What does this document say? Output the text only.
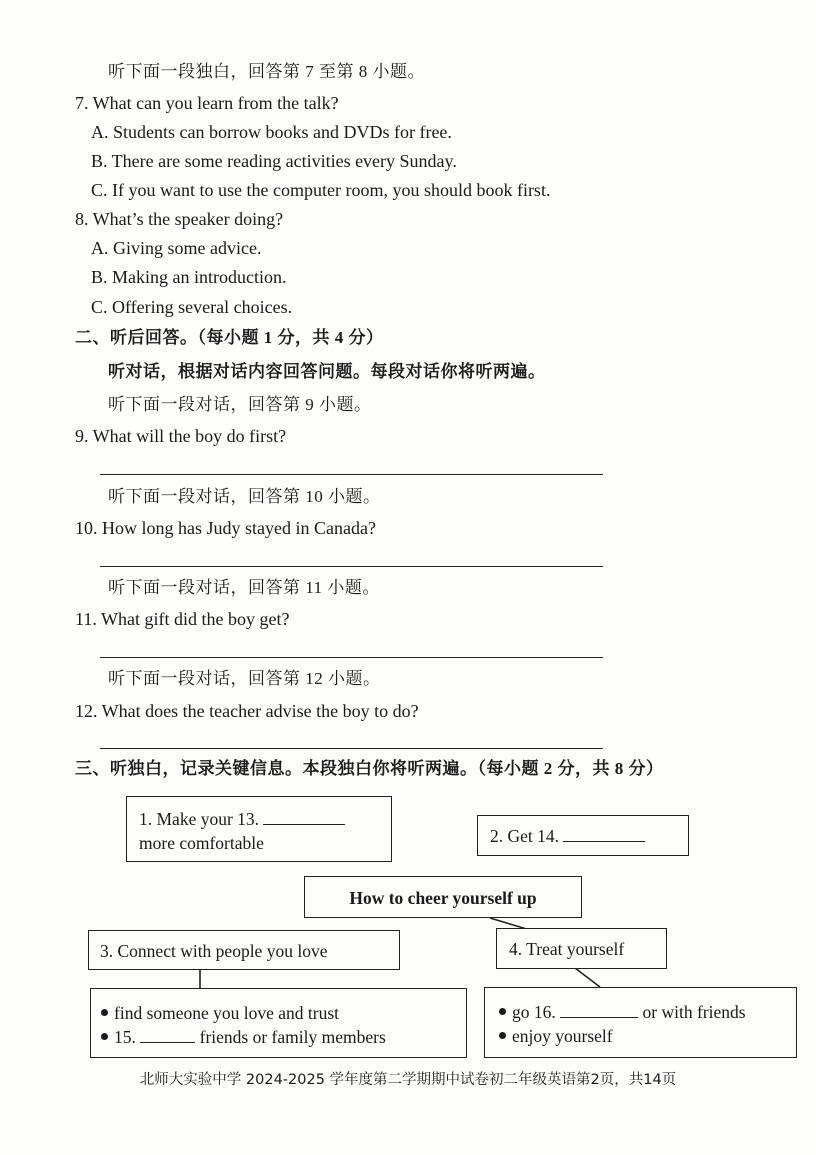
听下面一段独白，回答第 7 至第 8 小题。
7. What can you learn from the talk?
A. Students can borrow books and DVDs for free.
B. There are some reading activities every Sunday.
C. If you want to use the computer room, you should book first.
8. What’s the speaker doing?
A. Giving some advice.
B. Making an introduction.
C. Offering several choices.
二、听后回答。（每小题 1 分，共 4 分）
听对话，根据对话内容回答问题。每段对话你将听两遍。
听下面一段对话，回答第 9 小题。
9. What will the boy do first?
听下面一段对话，回答第 10 小题。
10. How long has Judy stayed in Canada?
听下面一段对话，回答第 11 小题。
11. What gift did the boy get?
听下面一段对话，回答第 12 小题。
12. What does the teacher advise the boy to do?
三、听独白，记录关键信息。本段独白你将听两遍。（每小题 2 分，共 8 分）
1. Make your 13.
more comfortable	2. Get 14.
How to cheer yourself up
3. Connect with people you love	4. Treat yourself
find someone you love and trust
15.	friends or family members
go 16.	or with friends
enjoy yourself
北师大实验中学 2024-2025 学年度第二学期期中试卷初二年级英语第2页，共14页
